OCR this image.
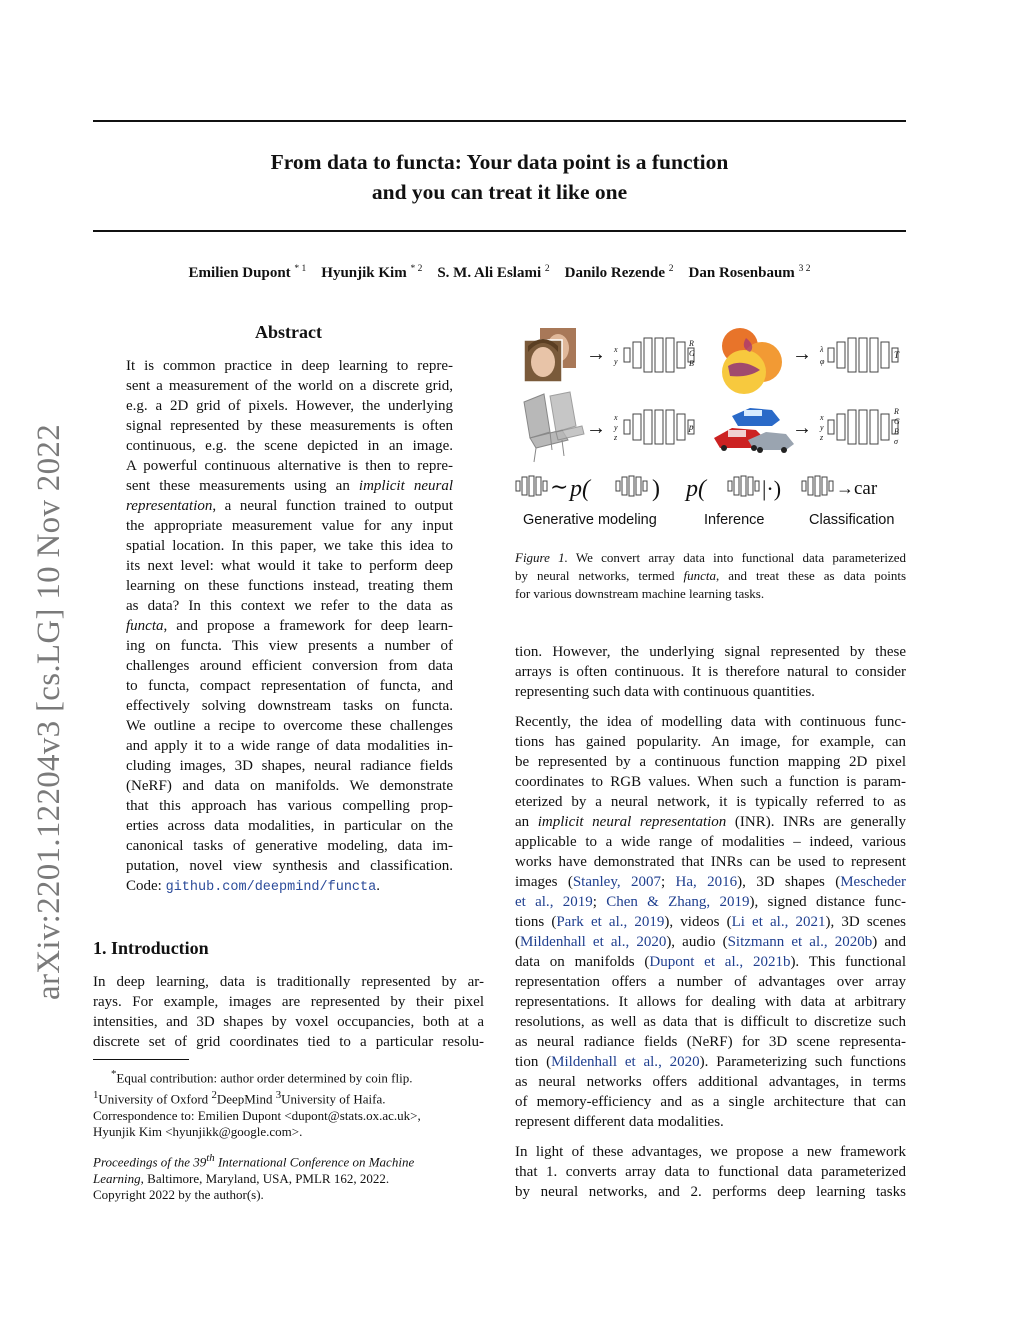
arXiv:2201.12204v3 [cs.LG] 10 Nov 2022
From data to functa: Your data point is a function
and you can treat it like one
Emilien Dupont $^{* 1}$ Hyunjik Kim $^{* 2}$ S. M. Ali Eslami $^2$ Danilo Rezende $^2$ Dan Rosenbaum $^{3 2}$
Abstract
It is common practice in deep learning to repre-
sent a measurement of the world on a discrete grid,
e.g. a 2D grid of pixels. However, the underlying
signal represented by these measurements is often
continuous, e.g. the scene depicted in an image.
A powerful continuous alternative is then to repre-
sent these measurements using an implicit neural
representation, a neural function trained to output
the appropriate measurement value for any input
spatial location. In this paper, we take this idea to
its next level: what would it take to perform deep
learning on these functions instead, treating them
as data? In this context we refer to the data as
functa, and propose a framework for deep learn-
ing on functa. This view presents a number of
challenges around efficient conversion from data
to functa, compact representation of functa, and
effectively solving downstream tasks on functa.
We outline a recipe to overcome these challenges
and apply it to a wide range of data modalities in-
cluding images, 3D shapes, neural radiance fields
(NeRF) and data on manifolds. We demonstrate
that this approach has various compelling prop-
erties across data modalities, in particular on the
canonical tasks of generative modeling, data im-
putation, novel view synthesis and classification.
Code: github.com/deepmind/functa.
1. Introduction
In deep learning, data is traditionally represented by ar-
rays. For example, images are represented by their pixel
intensities, and 3D shapes by voxel occupancies, both at a
discrete set of grid coordinates tied to a particular resolu-
*Equal contribution: author order determined by coin flip.
$^1$University of Oxford $^2$DeepMind $^3$University of Haifa.
Correspondence to: Emilien Dupont <dupont@stats.ox.ac.uk>,
Hyunjik Kim <hyunjikk@google.com>.
Proceedings of the 39th International Conference on Machine
Learning, Baltimore, Maryland, USA, PMLR 162, 2022.
Copyright 2022 by the author(s).
→ x
y
R
G
B	→ λ
φ
T
→ x
y
z
p	→ x
y
z
R
G
B
σ
∼ p(	) p(	|·)	→ car
Generative modeling	Inference	Classification
Figure 1. We convert array data into functional data parameterized
by neural networks, termed functa, and treat these as data points
for various downstream machine learning tasks.
tion. However, the underlying signal represented by these
arrays is often continuous. It is therefore natural to consider
representing such data with continuous quantities.
Recently, the idea of modelling data with continuous func-
tions has gained popularity. An image, for example, can
be represented by a continuous function mapping 2D pixel
coordinates to RGB values. When such a function is param-
eterized by a neural network, it is typically referred to as
an implicit neural representation (INR). INRs are generally
applicable to a wide range of modalities – indeed, various
works have demonstrated that INRs can be used to represent
images (Stanley, 2007; Ha, 2016), 3D shapes (Mescheder
et al., 2019; Chen & Zhang, 2019), signed distance func-
tions (Park et al., 2019), videos (Li et al., 2021), 3D scenes
(Mildenhall et al., 2020), audio (Sitzmann et al., 2020b) and
data on manifolds (Dupont et al., 2021b). This functional
representation offers a number of advantages over array
representations. It allows for dealing with data at arbitrary
resolutions, as well as data that is difficult to discretize such
as neural radiance fields (NeRF) for 3D scene representa-
tion (Mildenhall et al., 2020). Parameterizing such functions
as neural networks offers additional advantages, in terms
of memory-efficiency and as a single architecture that can
represent different data modalities.
In light of these advantages, we propose a new framework
that 1. converts array data to functional data parameterized
by neural networks, and 2. performs deep learning tasks
